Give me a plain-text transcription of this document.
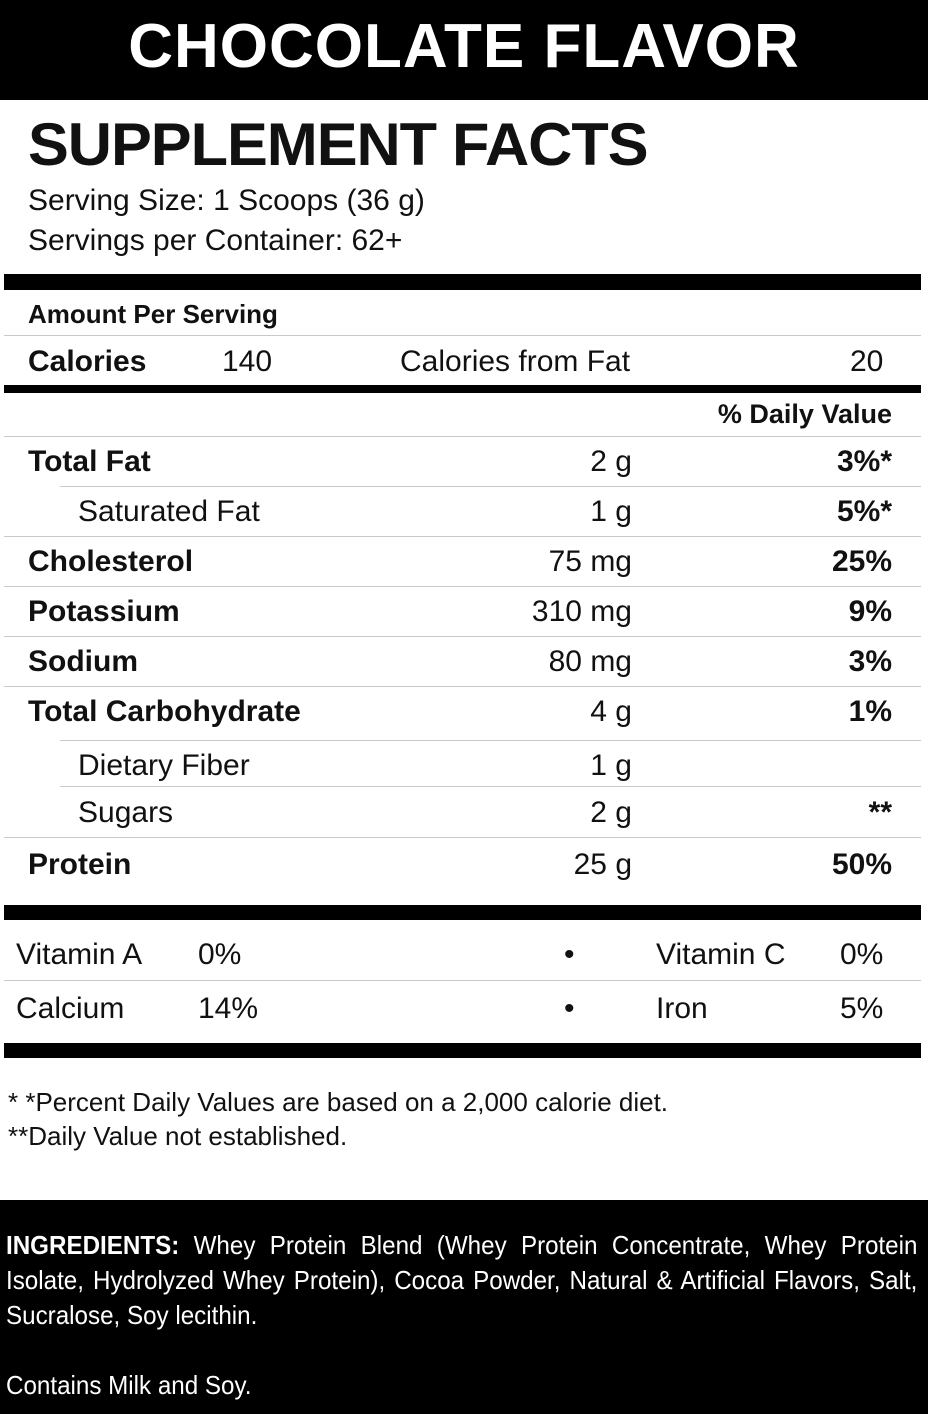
CHOCOLATE FLAVOR
SUPPLEMENT FACTS
Serving Size: 1 Scoops (36 g)
Servings per Container: 62+
Amount Per Serving
Calories	140	Calories from Fat	20
% Daily Value
Total Fat	2 g	3%*
Saturated Fat	1 g	5%*
Cholesterol	75 mg	25%
Potassium	310 mg	9%
Sodium	80 mg	3%
Total Carbohydrate	4 g	1%
Dietary Fiber	1 g
Sugars	2 g	**
Protein	25 g	50%
Vitamin A 0%	•	Vitamin C 0%
Calcium 14%	•	Iron	5%
* *Percent Daily Values are based on a 2,000 calorie diet.
**Daily Value not established.
INGREDIENTS: Whey Protein Blend (Whey Protein Concentrate, Whey Protein Isolate, Hydrolyzed Whey Protein), Cocoa Powder, Natural & Artificial Flavors, Salt, Sucralose, Soy lecithin.
Contains Milk and Soy.
